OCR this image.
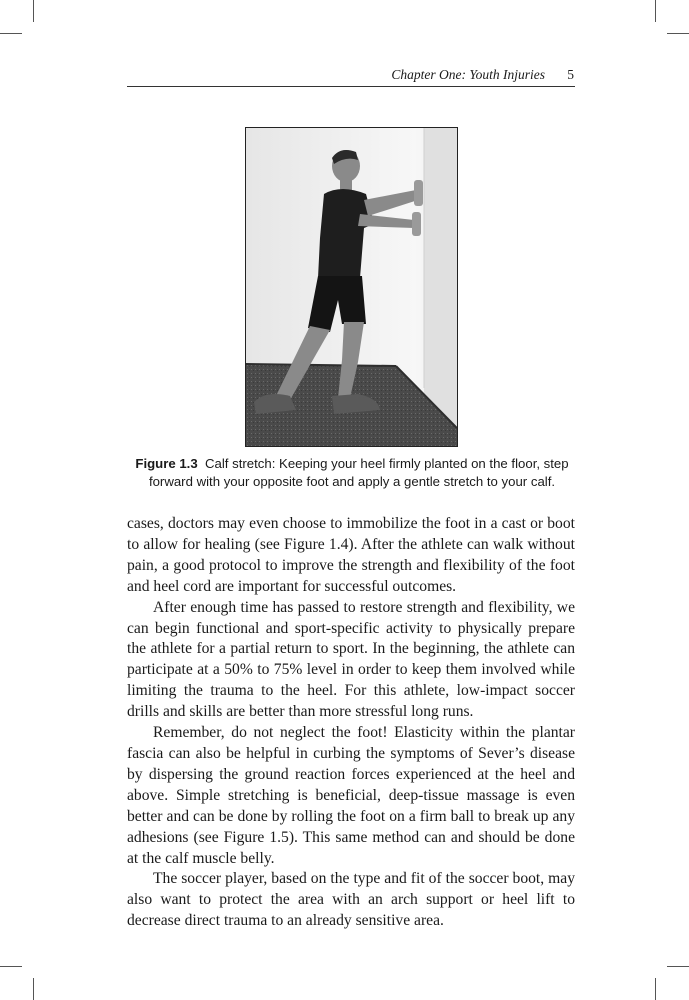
Chapter One: Youth Injuries 5
Figure 1.3 Calf stretch: Keeping your heel firmly planted on the floor, step forward with your opposite foot and apply a gentle stretch to your calf.

cases, doctors may even choose to immobilize the foot in a cast or boot to allow for healing (see Figure 1.4). After the athlete can walk without pain, a good protocol to improve the strength and flexibility of the foot and heel cord are important for successful outcomes.

After enough time has passed to restore strength and flexibility, we can begin functional and sport-specific activity to physically prepare the athlete for a partial return to sport. In the beginning, the athlete can participate at a 50% to 75% level in order to keep them involved while limiting the trauma to the heel. For this athlete, low-impact soccer drills and skills are better than more stressful long runs.

Remember, do not neglect the foot! Elasticity within the plantar fascia can also be helpful in curbing the symptoms of Sever’s disease by dispersing the ground reaction forces experienced at the heel and above. Simple stretching is beneficial, deep-tissue massage is even better and can be done by rolling the foot on a firm ball to break up any adhesions (see Figure 1.5). This same method can and should be done at the calf muscle belly.

The soccer player, based on the type and fit of the soccer boot, may also want to protect the area with an arch support or heel lift to decrease direct trauma to an already sensitive area.
